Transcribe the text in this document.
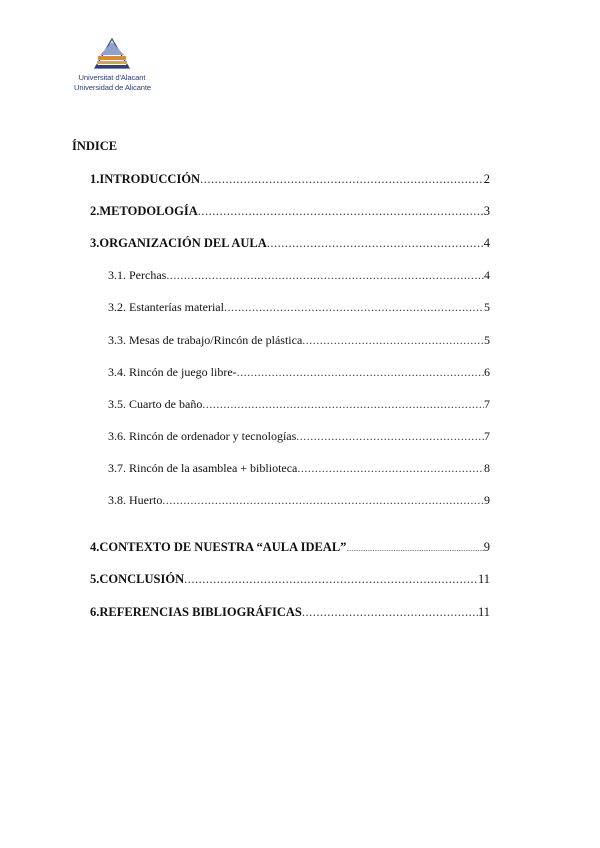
Universitat d'Alacant
Universidad de Alicante
ÍNDICE
1. INTRODUCCIÓN .....	2
2. METODOLOGÍA .....	3
3. ORGANIZACIÓN DEL AULA .....	4
3.1. Perchas .....	4
3.2. Estanterías material .....	5
3.3. Mesas de trabajo/Rincón de plástica .....	5
3.4. Rincón de juego libre- .....	6
3.5. Cuarto de baño .....	7
3.6. Rincón de ordenador y tecnologías .....	7
3.7. Rincón de la asamblea + biblioteca .....	8
3.8. Huerto .....	9
4. CONTEXTO DE NUESTRA “AULA IDEAL” .....	9
5. CONCLUSIÓN .....	11
6. REFERENCIAS BIBLIOGRÁFICAS .....	11
